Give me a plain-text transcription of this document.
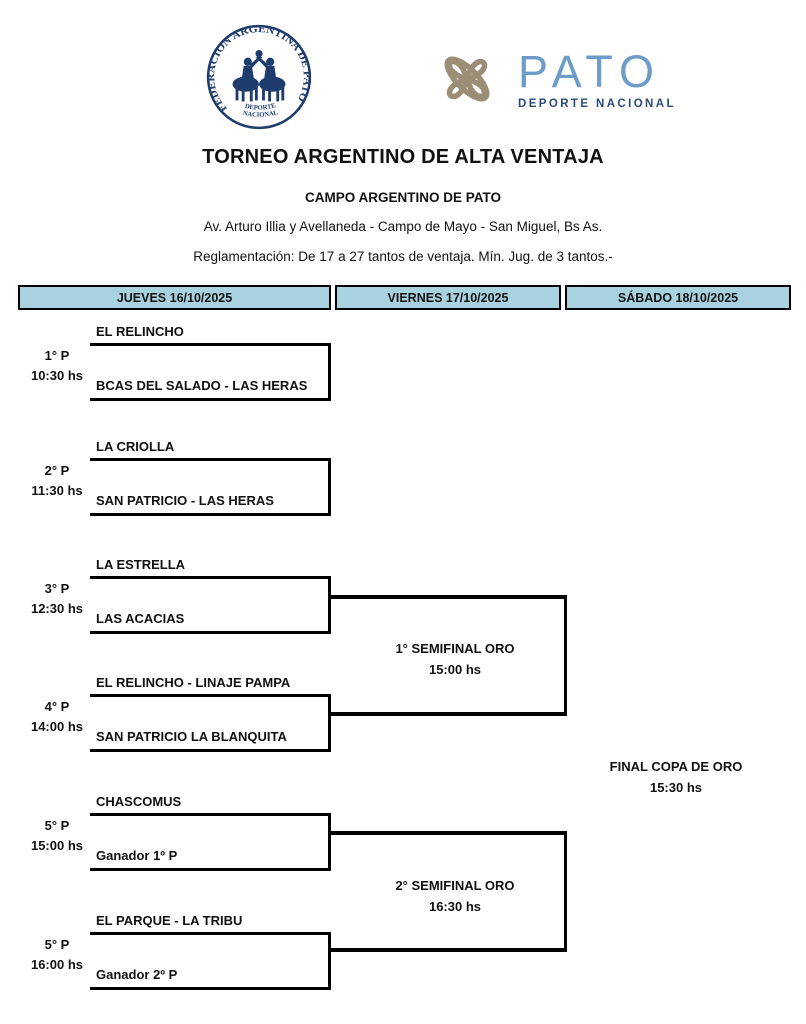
FEDERACION ARGENTINA DE PATO
DEPORTE
NACIONAL
PATO
DEPORTE NACIONAL
TORNEO ARGENTINO DE ALTA VENTAJA
CAMPO ARGENTINO DE PATO
Av. Arturo Illia y Avellaneda - Campo de Mayo - San Miguel, Bs As.
Reglamentación: De 17 a 27 tantos de ventaja. Mín. Jug. de 3 tantos.-
JUEVES 16/10/2025	VIERNES 17/10/2025	SÁBADO 18/10/2025
1° P
10:30 hs
2° P
11:30 hs
3° P
12:30 hs
4° P
14:00 hs
5° P
15:00 hs
5° P
16:00 hs
EL RELINCHO
BCAS DEL SALADO - LAS HERAS
LA CRIOLLA
SAN PATRICIO - LAS HERAS
LA ESTRELLA
LAS ACACIAS
EL RELINCHO - LINAJE PAMPA
SAN PATRICIO LA BLANQUITA
CHASCOMUS
Ganador 1º P
EL PARQUE - LA TRIBU
Ganador 2º P
1° SEMIFINAL ORO
15:00 hs
2° SEMIFINAL ORO
16:30 hs
FINAL COPA DE ORO
15:30 hs
